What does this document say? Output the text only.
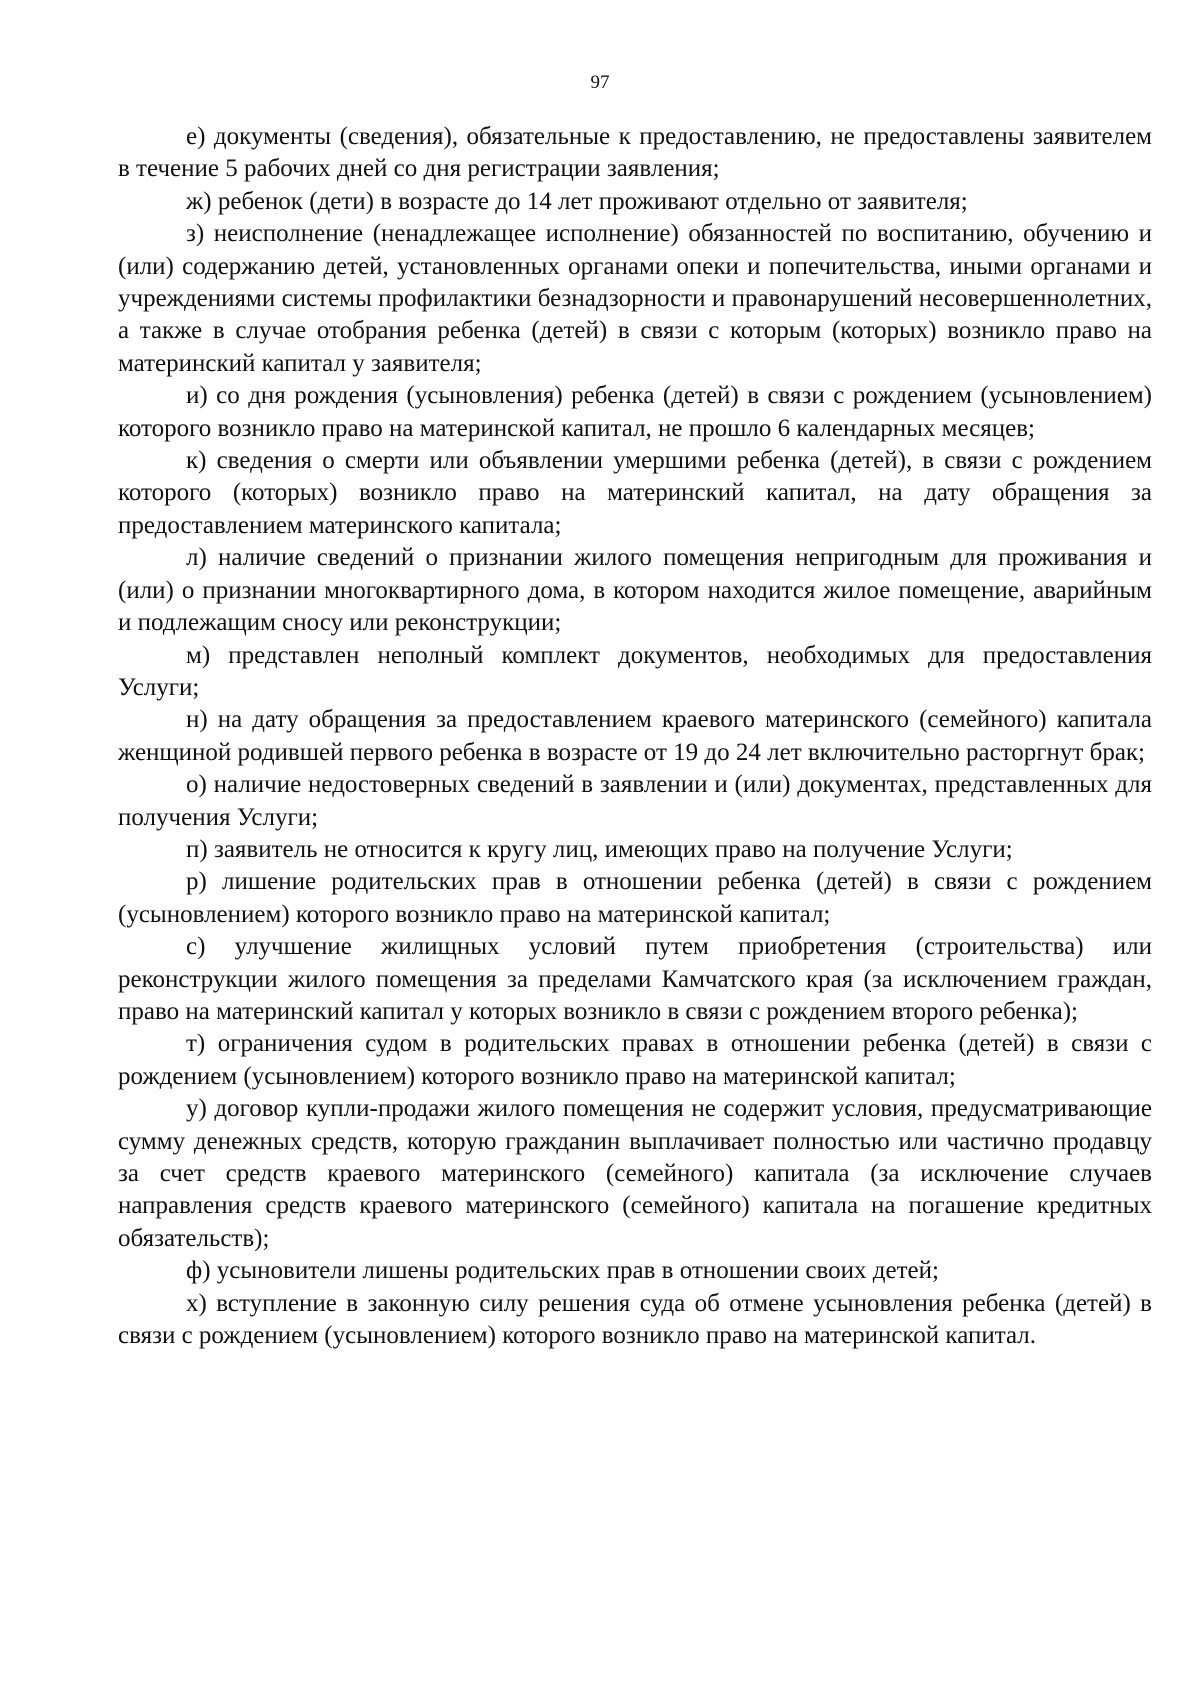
97

е) документы (сведения), обязательные к предоставлению, не предоставлены заявителем в течение 5 рабочих дней со дня регистрации заявления;

ж) ребенок (дети) в возрасте до 14 лет проживают отдельно от заявителя;

з) неисполнение (ненадлежащее исполнение) обязанностей по воспитанию, обучению и (или) содержанию детей, установленных органами опеки и попечительства, иными органами и учреждениями системы профилактики безнадзорности и правонарушений несовершеннолетних, а также в случае отобрания ребенка (детей) в связи с которым (которых) возникло право на материнский капитал у заявителя;

и) со дня рождения (усыновления) ребенка (детей) в связи с рождением (усыновлением) которого возникло право на материнской капитал, не прошло 6 календарных месяцев;

к) сведения о смерти или объявлении умершими ребенка (детей), в связи с рождением которого (которых) возникло право на материнский капитал, на дату обращения за предоставлением материнского капитала;

л) наличие сведений о признании жилого помещения непригодным для проживания и (или) о признании многоквартирного дома, в котором находится жилое помещение, аварийным и подлежащим сносу или реконструкции;

м) представлен неполный комплект документов, необходимых для предоставления Услуги;

н) на дату обращения за предоставлением краевого материнского (семейного) капитала женщиной родившей первого ребенка в возрасте от 19 до 24 лет включительно расторгнут брак;

о) наличие недостоверных сведений в заявлении и (или) документах, представленных для получения Услуги;

п) заявитель не относится к кругу лиц, имеющих право на получение Услуги;

р) лишение родительских прав в отношении ребенка (детей) в связи с рождением (усыновлением) которого возникло право на материнской капитал;

с) улучшение жилищных условий путем приобретения (строительства) или реконструкции жилого помещения за пределами Камчатского края (за исключением граждан, право на материнский капитал у которых возникло в связи с рождением второго ребенка);

т) ограничения судом в родительских правах в отношении ребенка (детей) в связи с рождением (усыновлением) которого возникло право на материнской капитал;

у) договор купли-продажи жилого помещения не содержит условия, предусматривающие сумму денежных средств, которую гражданин выплачивает полностью или частично продавцу за счет средств краевого материнского (семейного) капитала (за исключение случаев направления средств краевого материнского (семейного) капитала на погашение кредитных обязательств);

ф) усыновители лишены родительских прав в отношении своих детей;

х) вступление в законную силу решения суда об отмене усыновления ребенка (детей) в связи с рождением (усыновлением) которого возникло право на материнской капитал.
